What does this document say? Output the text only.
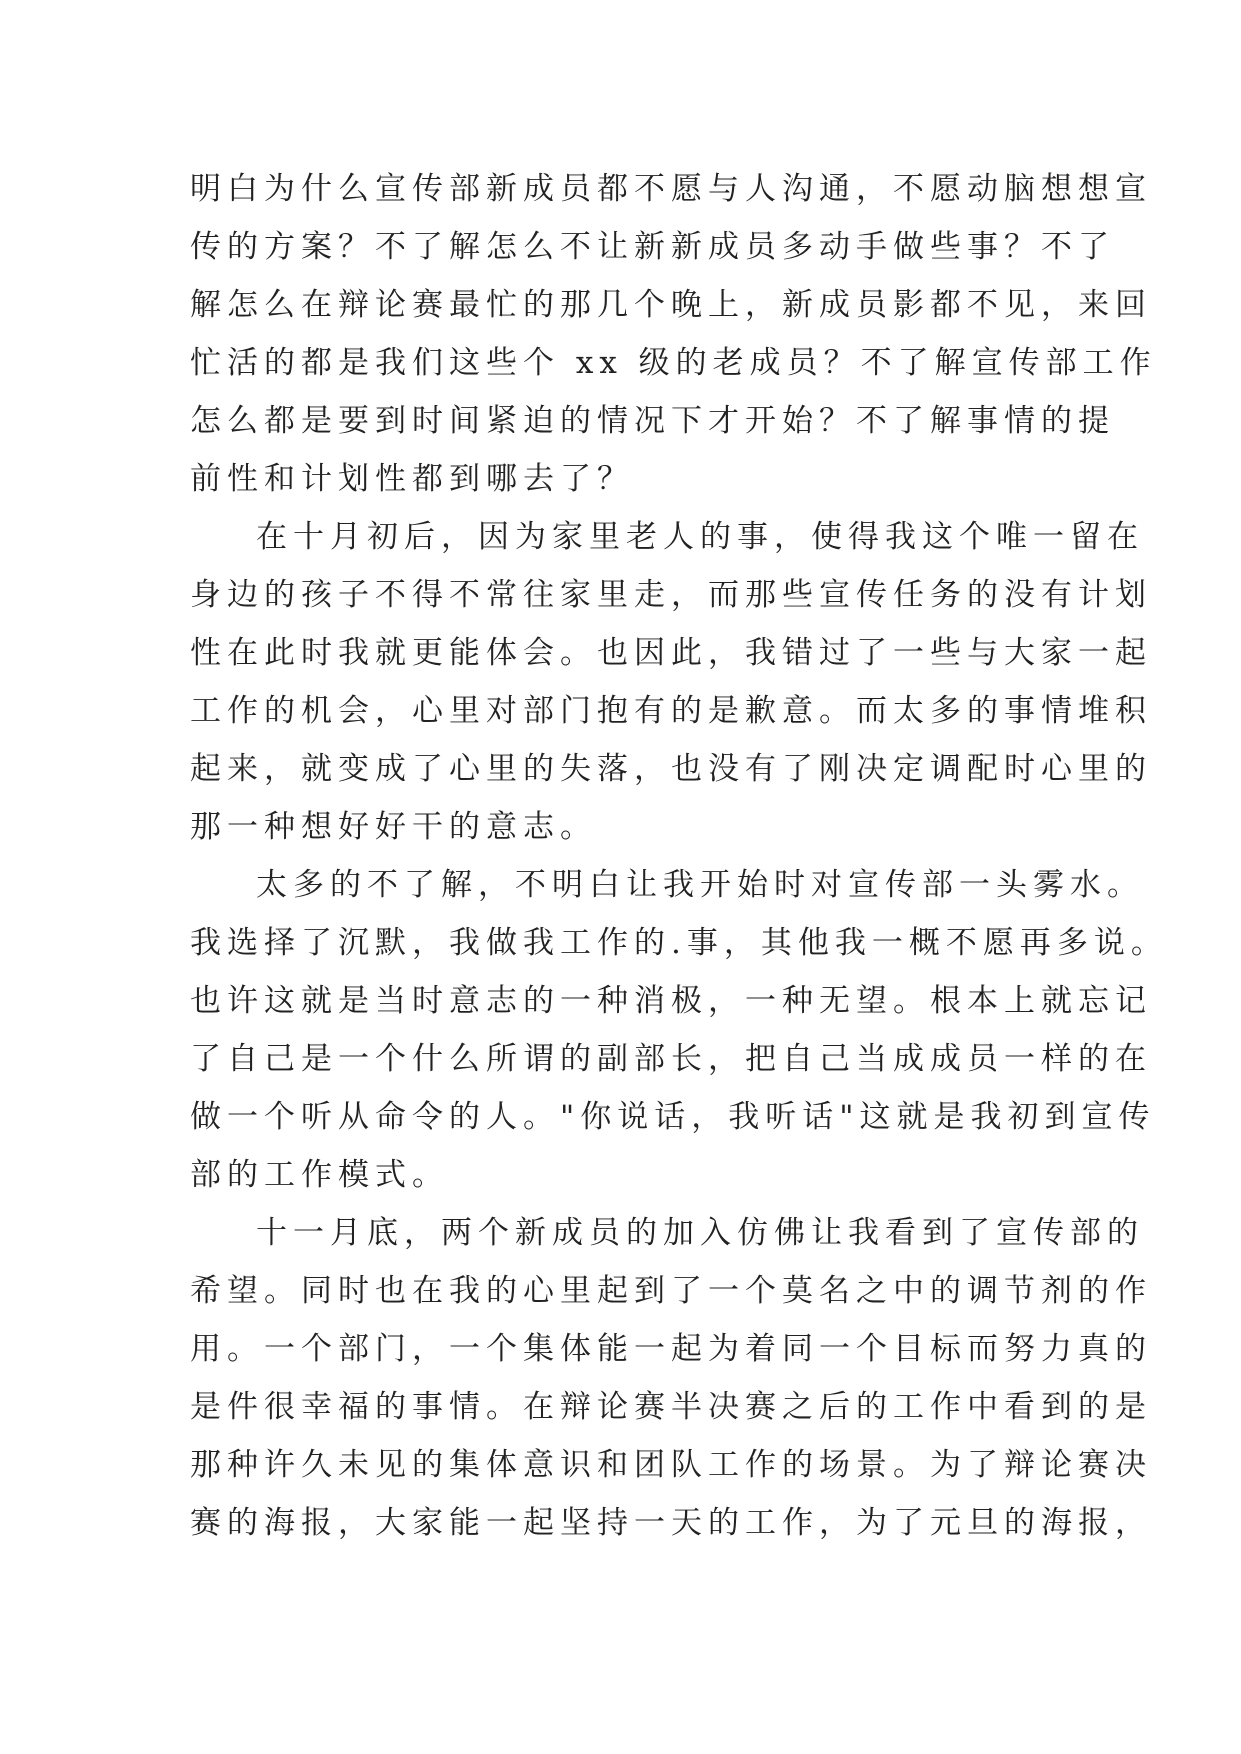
明白为什么宣传部新成员都不愿与人沟通，不愿动脑想想宣
传的方案？不了解怎么不让新新成员多动手做些事？不了
解怎么在辩论赛最忙的那几个晚上，新成员影都不见，来回
忙活的都是我们这些个 xx 级的老成员？不了解宣传部工作
怎么都是要到时间紧迫的情况下才开始？不了解事情的提
前性和计划性都到哪去了？
在十月初后，因为家里老人的事，使得我这个唯一留在
身边的孩子不得不常往家里走，而那些宣传任务的没有计划
性在此时我就更能体会。也因此，我错过了一些与大家一起
工作的机会，心里对部门抱有的是歉意。而太多的事情堆积
起来，就变成了心里的失落，也没有了刚决定调配时心里的
那一种想好好干的意志。
太多的不了解，不明白让我开始时对宣传部一头雾水。
我选择了沉默，我做我工作的.事，其他我一概不愿再多说。
也许这就是当时意志的一种消极，一种无望。根本上就忘记
了自己是一个什么所谓的副部长，把自己当成成员一样的在
做一个听从命令的人。"你说话，我听话"这就是我初到宣传
部的工作模式。
十一月底，两个新成员的加入仿佛让我看到了宣传部的
希望。同时也在我的心里起到了一个莫名之中的调节剂的作
用。一个部门，一个集体能一起为着同一个目标而努力真的
是件很幸福的事情。在辩论赛半决赛之后的工作中看到的是
那种许久未见的集体意识和团队工作的场景。为了辩论赛决
赛的海报，大家能一起坚持一天的工作，为了元旦的海报，
